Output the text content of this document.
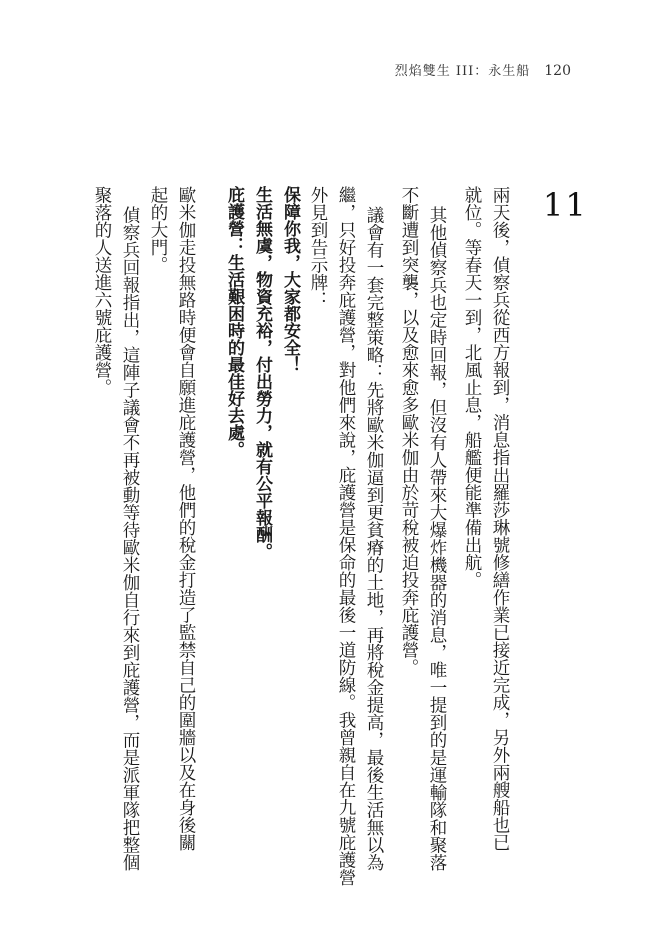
烈焰雙生 III：永生船 120
11
兩天後，偵察兵從西方報到，消息指出羅莎琳號修繕作業已接近完成，另外兩艘船也已
就位。等春天一到，北風止息，船艦便能準備出航。
其他偵察兵也定時回報，但沒有人帶來大爆炸機器的消息，唯一提到的是運輸隊和聚落
不斷遭到突襲，以及愈來愈多歐米伽由於苛稅被迫投奔庇護營。
議會有一套完整策略：先將歐米伽逼到更貧瘠的土地，再將稅金提高，最後生活無以為
繼，只好投奔庇護營，對他們來說，庇護營是保命的最後一道防線。我曾親自在九號庇護營
外見到告示牌：
保障你我，大家都安全！
生活無虞，物資充裕，付出勞力，就有公平報酬。
庇護營：生活艱困時的最佳好去處。
歐米伽走投無路時便會自願進庇護營，他們的稅金打造了監禁自己的圍牆以及在身後關
起的大門。
偵察兵回報指出，這陣子議會不再被動等待歐米伽自行來到庇護營，而是派軍隊把整個
聚落的人送進六號庇護營。
